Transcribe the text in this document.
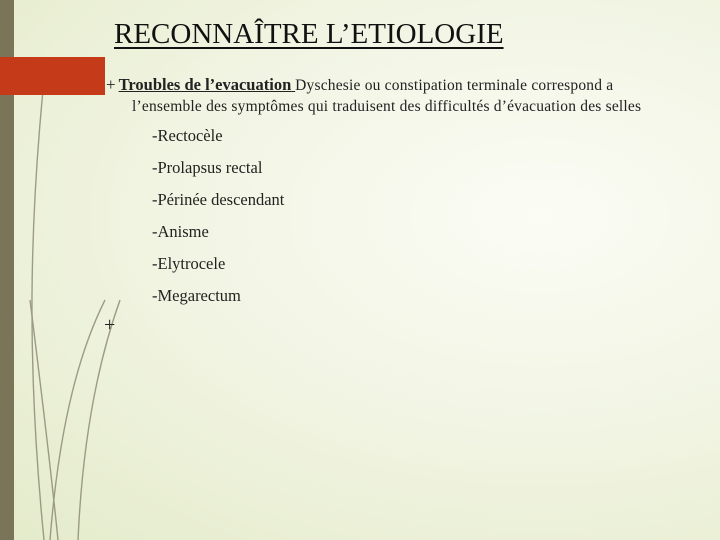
RECONNAÎTRE L’ETIOLOGIE
+ Troubles de l’evacuation Dyschesie ou constipation terminale correspond a
l’ensemble des symptômes qui traduisent des difficultés d’évacuation des selles
-Rectocèle
-Prolapsus rectal
-Périnée descendant
-Anisme
-Elytrocele
-Megarectum
+
